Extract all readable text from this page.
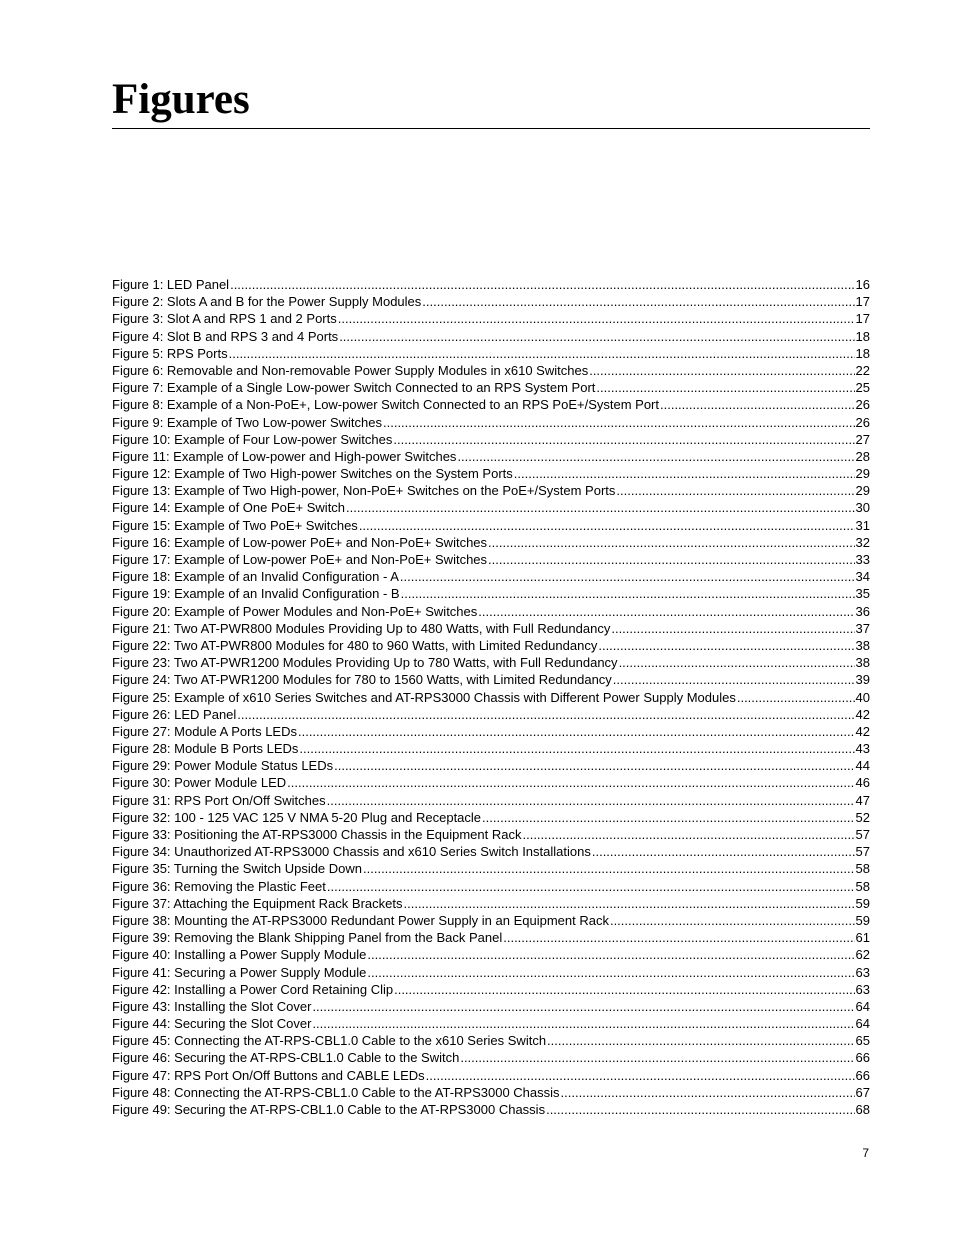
Figures
Figure 1: LED Panel .....	16
Figure 2: Slots A and B for the Power Supply Modules .....	17
Figure 3: Slot A and RPS 1 and 2 Ports .....	17
Figure 4: Slot B and RPS 3 and 4 Ports .....	18
Figure 5: RPS Ports .....	18
Figure 6: Removable and Non-removable Power Supply Modules in x610 Switches .....	22
Figure 7: Example of a Single Low-power Switch Connected to an RPS System Port .....	25
Figure 8: Example of a Non-PoE+, Low-power Switch Connected to an RPS PoE+/System Port .....	26
Figure 9: Example of Two Low-power Switches .....	26
Figure 10: Example of Four Low-power Switches .....	27
Figure 11: Example of Low-power and High-power Switches .....	28
Figure 12: Example of Two High-power Switches on the System Ports .....	29
Figure 13: Example of Two High-power, Non-PoE+ Switches on the PoE+/System Ports .....	29
Figure 14: Example of One PoE+ Switch .....	30
Figure 15: Example of Two PoE+ Switches .....	31
Figure 16: Example of Low-power PoE+ and Non-PoE+ Switches .....	32
Figure 17: Example of Low-power PoE+ and Non-PoE+ Switches .....	33
Figure 18: Example of an Invalid Configuration - A .....	34
Figure 19: Example of an Invalid Configuration - B .....	35
Figure 20: Example of Power Modules and Non-PoE+ Switches .....	36
Figure 21: Two AT-PWR800 Modules Providing Up to 480 Watts, with Full Redundancy .....	37
Figure 22: Two AT-PWR800 Modules for 480 to 960 Watts, with Limited Redundancy .....	38
Figure 23: Two AT-PWR1200 Modules Providing Up to 780 Watts, with Full Redundancy .....	38
Figure 24: Two AT-PWR1200 Modules for 780 to 1560 Watts, with Limited Redundancy .....	39
Figure 25: Example of x610 Series Switches and AT-RPS3000 Chassis with Different Power Supply Modules .....	40
Figure 26: LED Panel .....	42
Figure 27: Module A Ports LEDs .....	42
Figure 28: Module B Ports LEDs .....	43
Figure 29: Power Module Status LEDs .....	44
Figure 30: Power Module LED .....	46
Figure 31: RPS Port On/Off Switches .....	47
Figure 32: 100 - 125 VAC 125 V NMA 5-20 Plug and Receptacle .....	52
Figure 33: Positioning the AT-RPS3000 Chassis in the Equipment Rack .....	57
Figure 34: Unauthorized AT-RPS3000 Chassis and x610 Series Switch Installations .....	57
Figure 35: Turning the Switch Upside Down .....	58
Figure 36: Removing the Plastic Feet .....	58
Figure 37: Attaching the Equipment Rack Brackets .....	59
Figure 38: Mounting the AT-RPS3000 Redundant Power Supply in an Equipment Rack .....	59
Figure 39: Removing the Blank Shipping Panel from the Back Panel .....	61
Figure 40: Installing a Power Supply Module .....	62
Figure 41: Securing a Power Supply Module .....	63
Figure 42: Installing a Power Cord Retaining Clip .....	63
Figure 43: Installing the Slot Cover .....	64
Figure 44: Securing the Slot Cover .....	64
Figure 45: Connecting the AT-RPS-CBL1.0 Cable to the x610 Series Switch .....	65
Figure 46: Securing the AT-RPS-CBL1.0 Cable to the Switch .....	66
Figure 47: RPS Port On/Off Buttons and CABLE LEDs .....	66
Figure 48: Connecting the AT-RPS-CBL1.0 Cable to the AT-RPS3000 Chassis .....	67
Figure 49: Securing the AT-RPS-CBL1.0 Cable to the AT-RPS3000 Chassis .....	68
7
